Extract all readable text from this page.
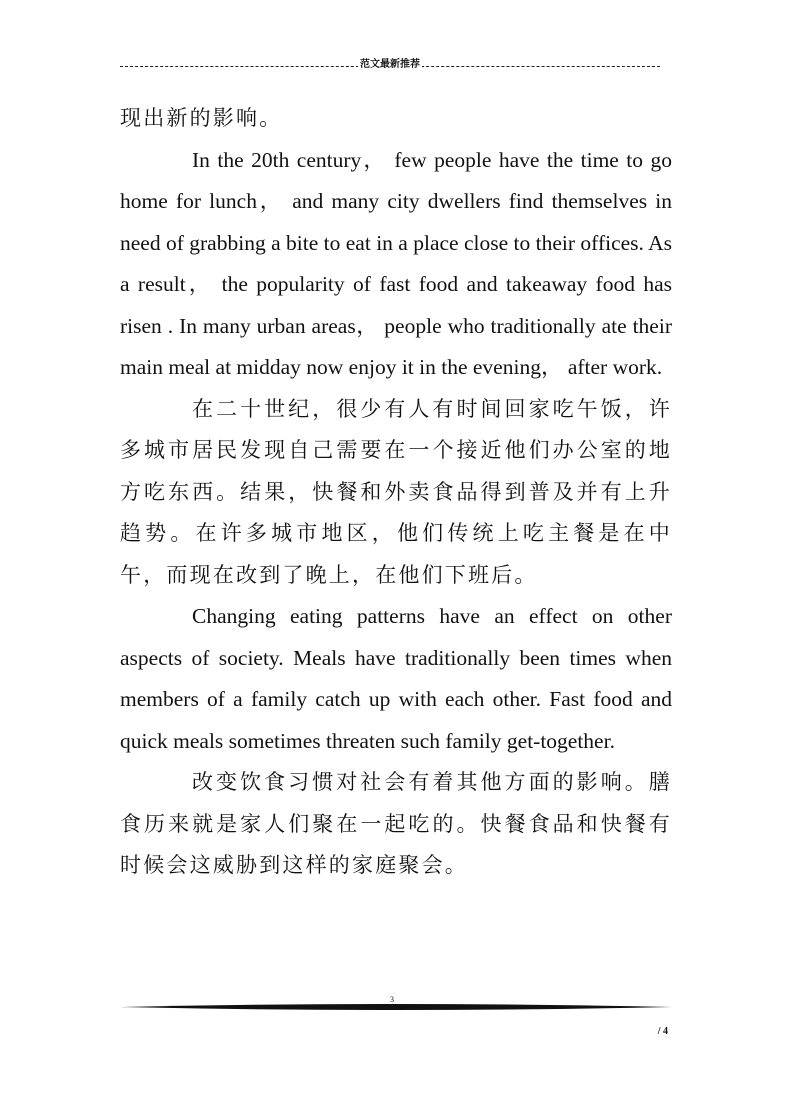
范文最新推荐

现出新的影响。

In the 20th century， few people have the time to go home for lunch， and many city dwellers find themselves in need of grabbing a bite to eat in a place close to their offices. As a result， the popularity of fast food and takeaway food has risen . In many urban areas， people who traditionally ate their main meal at midday now enjoy it in the evening， after work.

在二十世纪，很少有人有时间回家吃午饭，许多城市居民发现自己需要在一个接近他们办公室的地方吃东西。结果，快餐和外卖食品得到普及并有上升趋势。在许多城市地区，他们传统上吃主餐是在中午，而现在改到了晚上，在他们下班后。

Changing eating patterns have an effect on other aspects of society. Meals have traditionally been times when members of a family catch up with each other. Fast food and quick meals sometimes threaten such family get-together.

改变饮食习惯对社会有着其他方面的影响。膳食历来就是家人们聚在一起吃的。快餐食品和快餐有时候会这威胁到这样的家庭聚会。

3
/ 4
